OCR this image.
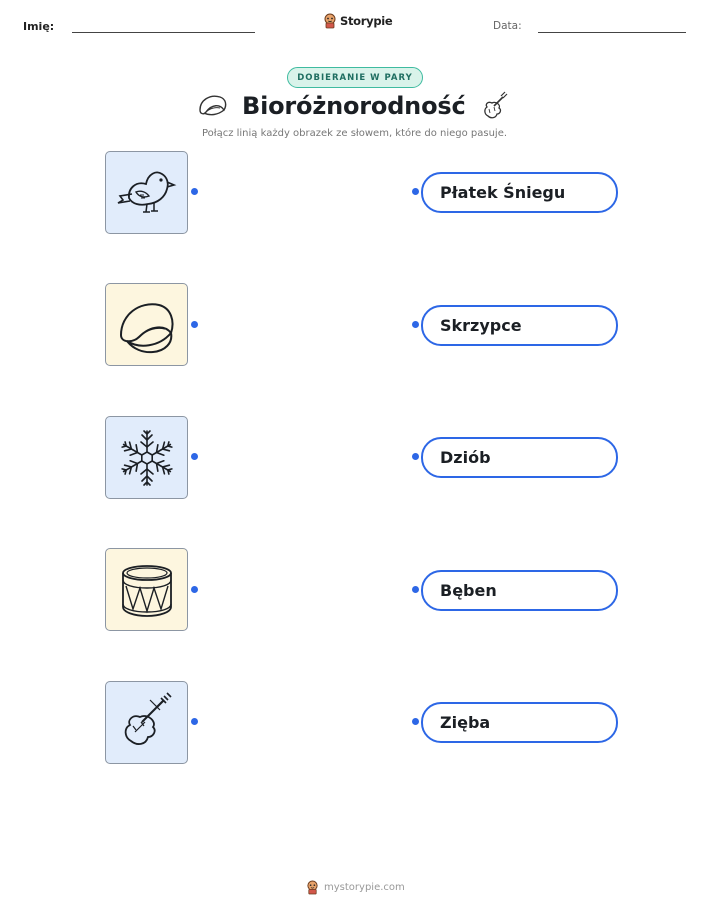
Imię:	Storypie	Data:
DOBIERANIE W PARY
Bioróżnorodność
Połącz linią każdy obrazek ze słowem, które do niego pasuje.
Płatek Śniegu
Skrzypce
Dziób
Bęben
Zięba
mystorypie.com
